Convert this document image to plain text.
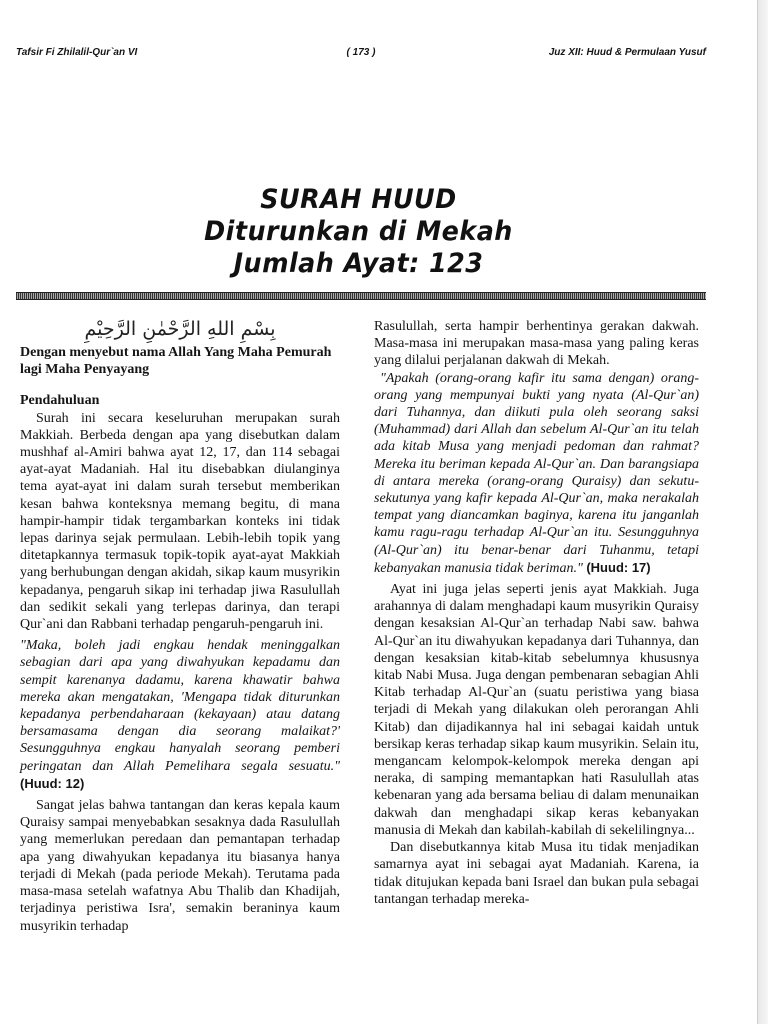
Tafsir Fi Zhilalil-Qur`an VI	( 173 )	Juz XII: Huud & Permulaan Yusuf
SURAH HUUD
Diturunkan di Mekah
Jumlah Ayat: 123

بِسْمِ اللهِ الرَّحْمٰنِ الرَّحِيْمِ

Dengan menyebut nama Allah Yang Maha Pemurah lagi Maha Penyayang

Pendahuluan

Surah ini secara keseluruhan merupakan surah Makkiah. Berbeda dengan apa yang disebutkan dalam mushhaf al-Amiri bahwa ayat 12, 17, dan 114 sebagai ayat-ayat Madaniah. Hal itu disebabkan diulanginya tema ayat-ayat ini dalam surah tersebut memberikan kesan bahwa konteksnya memang begitu, di mana hampir-hampir tidak tergambarkan konteks ini tidak lepas darinya sejak permulaan. Lebih-lebih topik yang ditetapkannya termasuk topik-topik ayat-ayat Makkiah yang berhubungan dengan akidah, sikap kaum musyrikin kepadanya, pengaruh sikap ini terhadap jiwa Rasulullah dan sedikit sekali yang terlepas darinya, dan terapi Qur`ani dan Rabbani terhadap pengaruh-pengaruh ini.

"Maka, boleh jadi engkau hendak meninggalkan sebagian dari apa yang diwahyukan kepadamu dan sempit karenanya dadamu, karena khawatir bahwa mereka akan mengatakan, 'Mengapa tidak diturunkan kepadanya perbendaharaan (kekayaan) atau datang bersamasama dengan dia seorang malaikat?' Sesungguhnya engkau hanyalah seorang pemberi peringatan dan Allah Pemelihara segala sesuatu." (Huud: 12)

Sangat jelas bahwa tantangan dan keras kepala kaum Quraisy sampai menyebabkan sesaknya dada Rasulullah yang memerlukan peredaan dan pemantapan terhadap apa yang diwahyukan kepadanya itu biasanya hanya terjadi di Mekah (pada periode Mekah). Terutama pada masa-masa setelah wafatnya Abu Thalib dan Khadijah, terjadinya peristiwa Isra', semakin beraninya kaum musyrikin terhadap

Rasulullah, serta hampir berhentinya gerakan dakwah. Masa-masa ini merupakan masa-masa yang paling keras yang dilalui perjalanan dakwah di Mekah.

"Apakah (orang-orang kafir itu sama dengan) orang-orang yang mempunyai bukti yang nyata (Al-Qur`an) dari Tuhannya, dan diikuti pula oleh seorang saksi (Muhammad) dari Allah dan sebelum Al-Qur`an itu telah ada kitab Musa yang menjadi pedoman dan rahmat? Mereka itu beriman kepada Al-Qur`an. Dan barangsiapa di antara mereka (orang-orang Quraisy) dan sekutu-sekutunya yang kafir kepada Al-Qur`an, maka nerakalah tempat yang diancamkan baginya, karena itu janganlah kamu ragu-ragu terhadap Al-Qur`an itu. Sesungguhnya (Al-Qur`an) itu benar-benar dari Tuhanmu, tetapi kebanyakan manusia tidak beriman." (Huud: 17)

Ayat ini juga jelas seperti jenis ayat Makkiah. Juga arahannya di dalam menghadapi kaum musyrikin Quraisy dengan kesaksian Al-Qur`an terhadap Nabi saw. bahwa Al-Qur`an itu diwahyukan kepadanya dari Tuhannya, dan dengan kesaksian kitab-kitab sebelumnya khususnya kitab Nabi Musa. Juga dengan pembenaran sebagian Ahli Kitab terhadap Al-Qur`an (suatu peristiwa yang biasa terjadi di Mekah yang dilakukan oleh perorangan Ahli Kitab) dan dijadikannya hal ini sebagai kaidah untuk bersikap keras terhadap sikap kaum musyrikin. Selain itu, mengancam kelompok-kelompok mereka dengan api neraka, di samping memantapkan hati Rasulullah atas kebenaran yang ada bersama beliau di dalam menunaikan dakwah dan menghadapi sikap keras kebanyakan manusia di Mekah dan kabilah-kabilah di sekelilingnya...

Dan disebutkannya kitab Musa itu tidak menjadikan samarnya ayat ini sebagai ayat Madaniah. Karena, ia tidak ditujukan kepada bani Israel dan bukan pula sebagai tantangan terhadap mereka-
